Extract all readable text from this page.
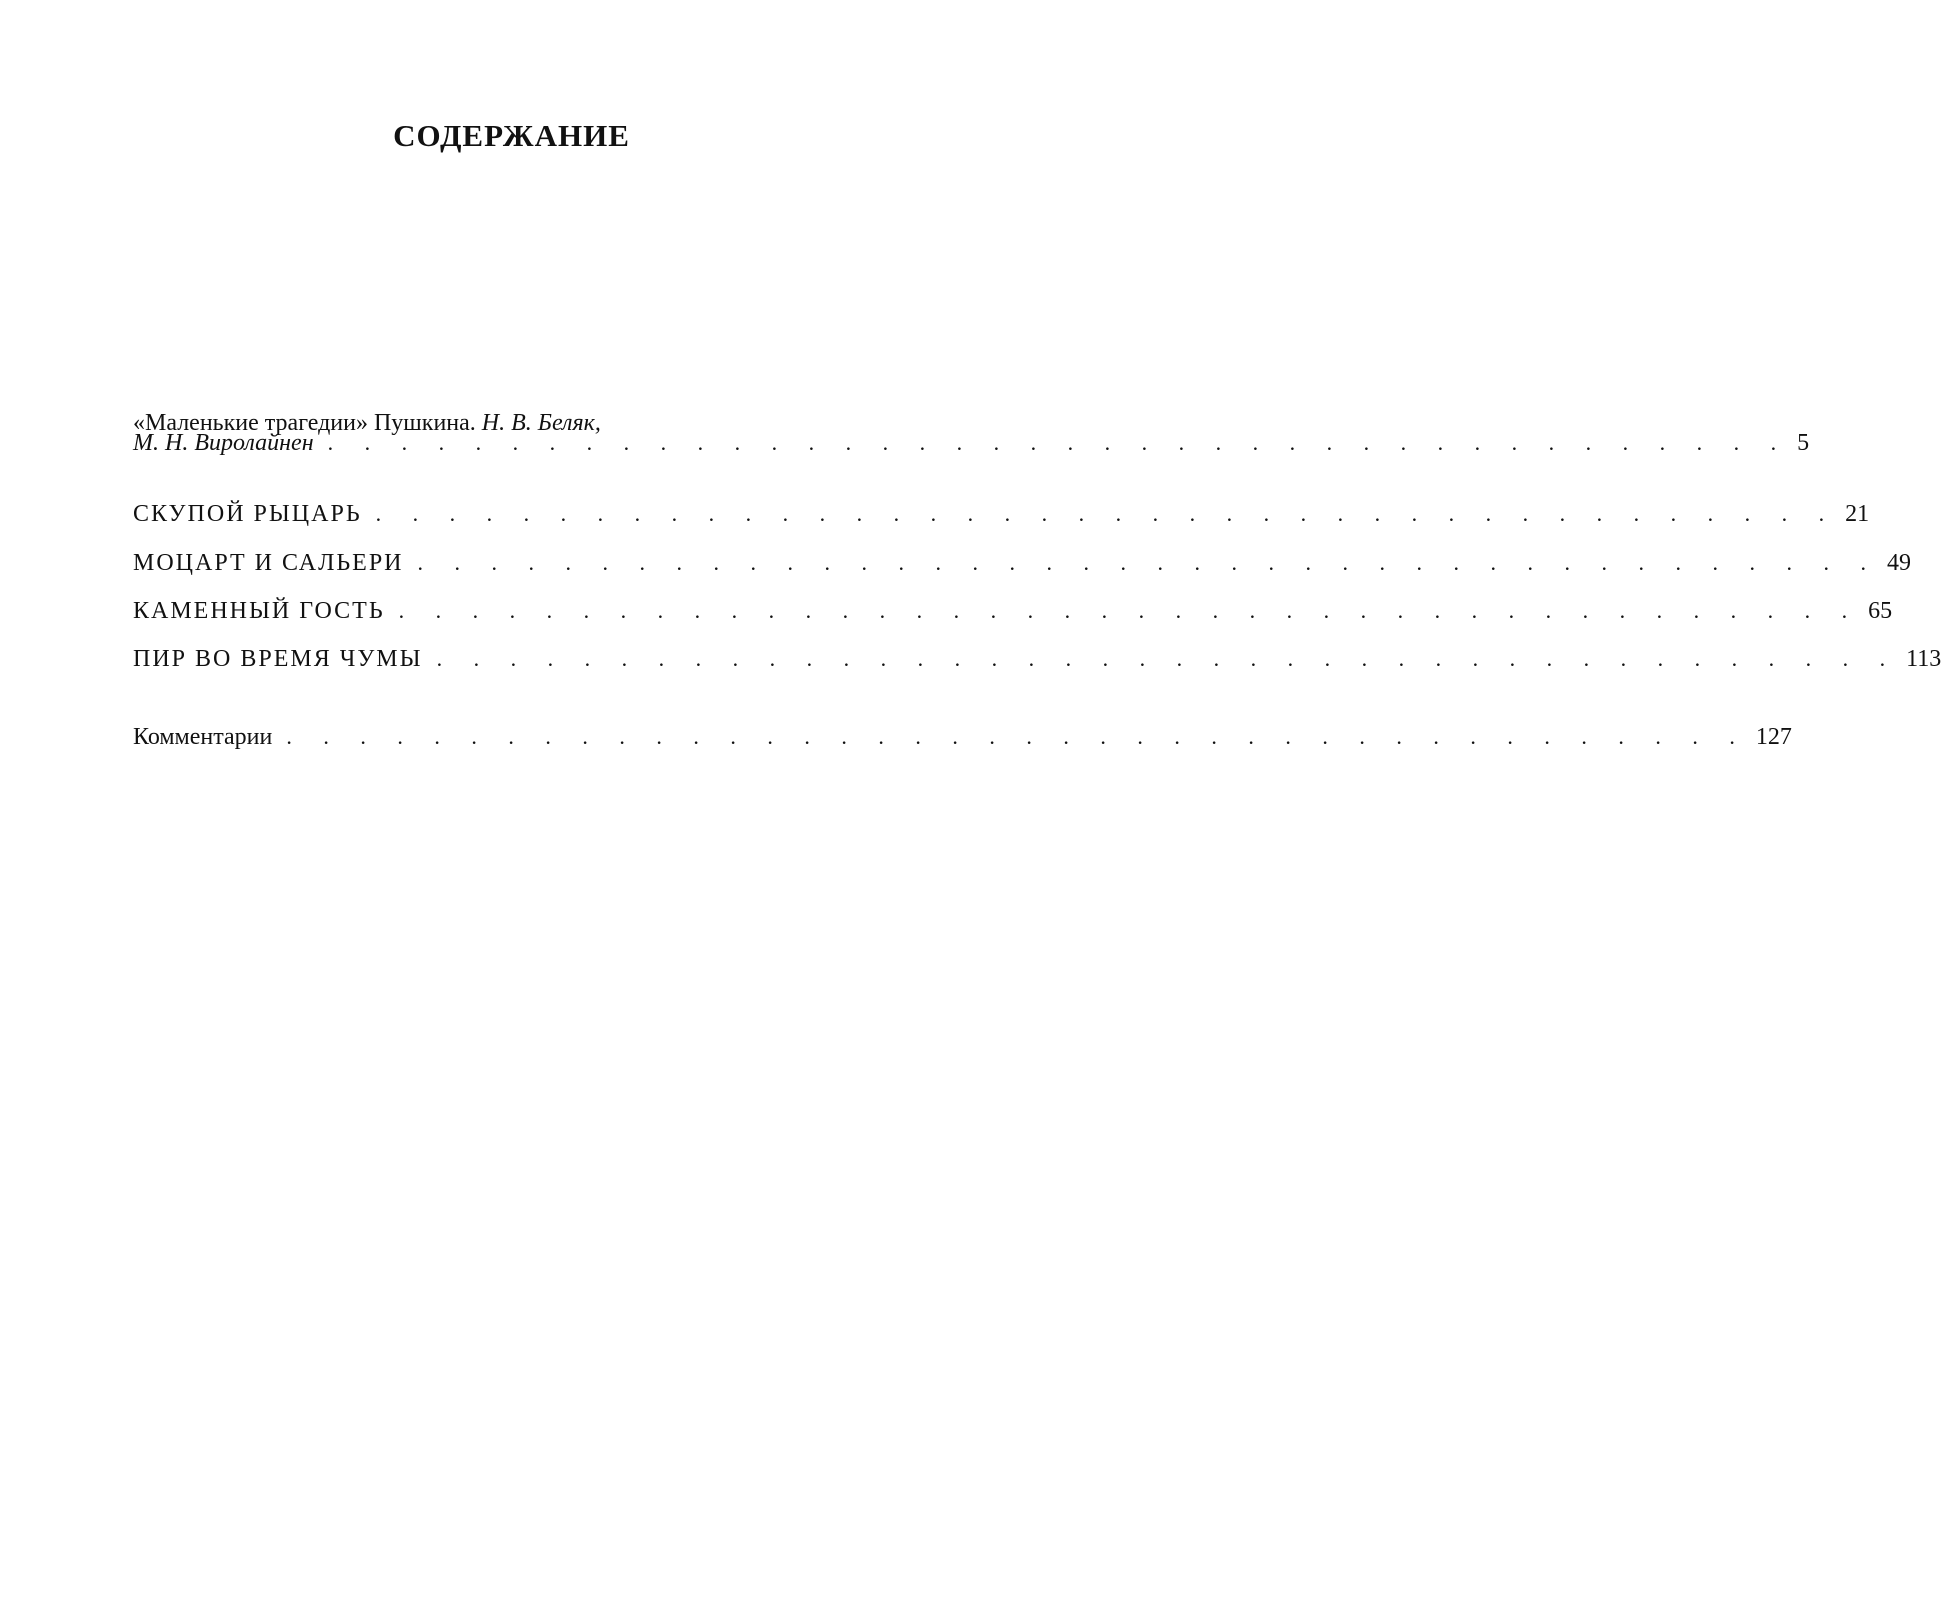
СОДЕРЖАНИЕ
«Маленькие трагедии» Пушкина. Н. В. Беляк,
М. Н. Виролайнен . . . . . . . . . . . . . . . . . . . . . . . . . . . . . . . . . . . . . . . . 5
СКУПОЙ РЫЦАРЬ . . . . . . . . . . . . . . . . . . . . . . . . . . . . . . . . . . . . . . . . 21
МОЦАРТ И САЛЬЕРИ . . . . . . . . . . . . . . . . . . . . . . . . . . . . . . . . . . . . . . . . 49
КАМЕННЫЙ ГОСТЬ . . . . . . . . . . . . . . . . . . . . . . . . . . . . . . . . . . . . . . . . 65
ПИР ВО ВРЕМЯ ЧУМЫ . . . . . . . . . . . . . . . . . . . . . . . . . . . . . . . . . . . . . . . . 113
Комментарии . . . . . . . . . . . . . . . . . . . . . . . . . . . . . . . . . . . . . . . . 127
